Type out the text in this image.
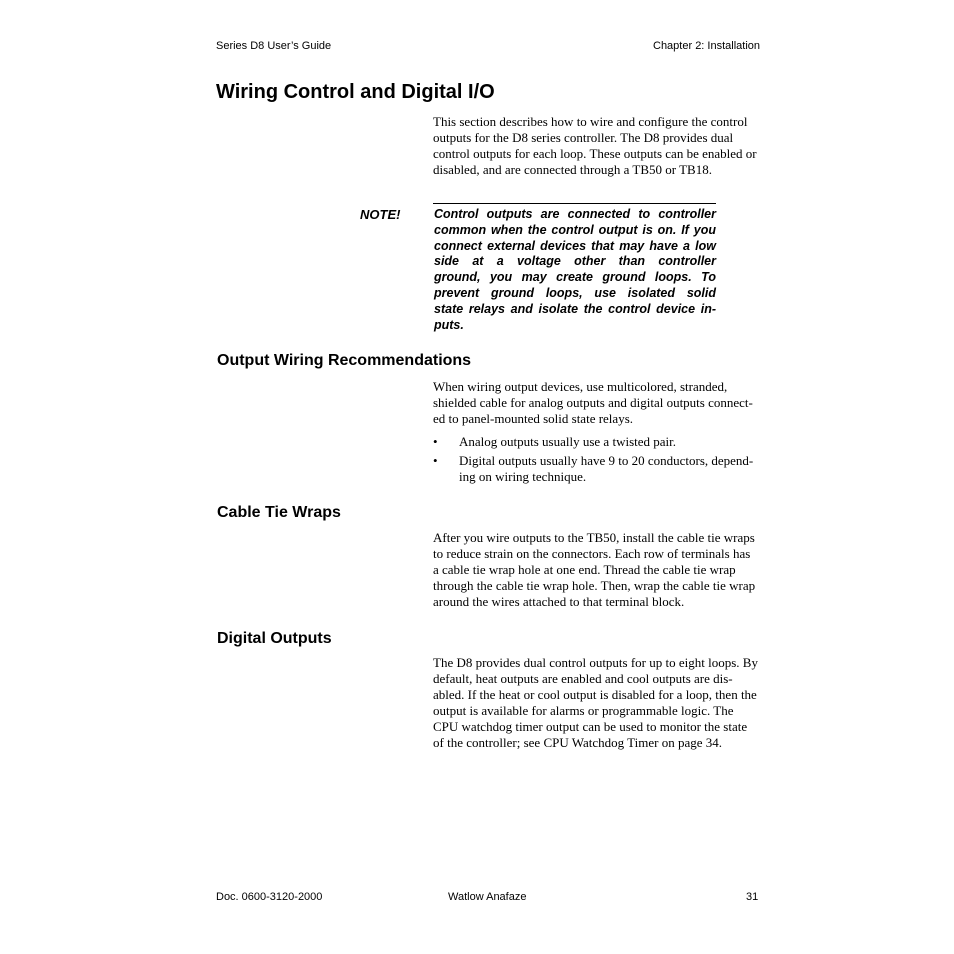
Series D8 User’s Guide	Chapter 2: Installation
Wiring Control and Digital I/O
This section describes how to wire and configure the control
outputs for the D8 series controller. The D8 provides dual
control outputs for each loop. These outputs can be enabled or
disabled, and are connected through a TB50 or TB18.
NOTE!	Control outputs are connected to controller
common when the control output is on. If you
connect external devices that may have a low
side at a voltage other than controller
ground, you may create ground loops. To
prevent ground loops, use isolated solid
state relays and isolate the control device in-
puts.
Output Wiring Recommendations
When wiring output devices, use multicolored, stranded,
shielded cable for analog outputs and digital outputs connect-
ed to panel-mounted solid state relays.
• Analog outputs usually use a twisted pair.
• Digital outputs usually have 9 to 20 conductors, depend-
ing on wiring technique.
Cable Tie Wraps
After you wire outputs to the TB50, install the cable tie wraps
to reduce strain on the connectors. Each row of terminals has
a cable tie wrap hole at one end. Thread the cable tie wrap
through the cable tie wrap hole. Then, wrap the cable tie wrap
around the wires attached to that terminal block.
Digital Outputs
The D8 provides dual control outputs for up to eight loops. By
default, heat outputs are enabled and cool outputs are dis-
abled. If the heat or cool output is disabled for a loop, then the
output is available for alarms or programmable logic. The
CPU watchdog timer output can be used to monitor the state
of the controller; see CPU Watchdog Timer on page 34.
Doc. 0600-3120-2000	Watlow Anafaze	31
